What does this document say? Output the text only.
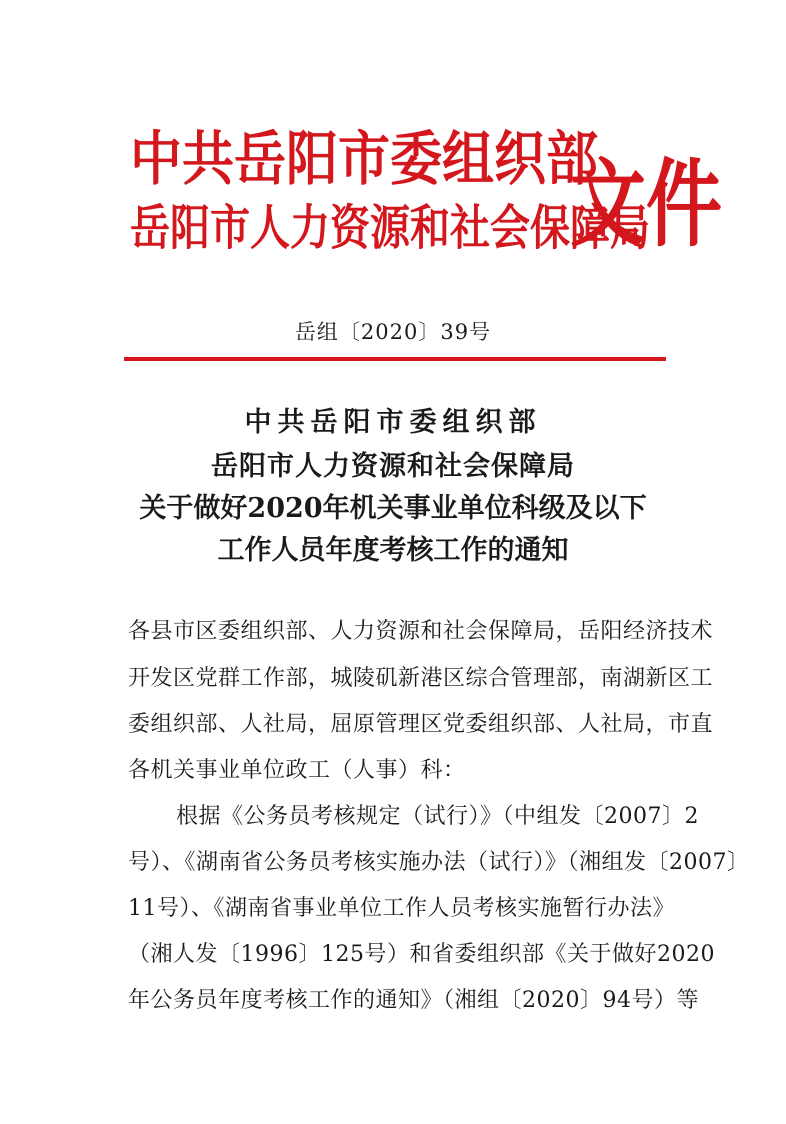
中共岳阳市委组织部
岳阳市人力资源和社会保障局
文件
岳组〔2020〕39号
中共岳阳市委组织部
岳阳市人力资源和社会保障局
关于做好2020年机关事业单位科级及以下
工作人员年度考核工作的通知
各县市区委组织部、人力资源和社会保障局，岳阳经济技术
开发区党群工作部，城陵矶新港区综合管理部，南湖新区工
委组织部、人社局，屈原管理区党委组织部、人社局，市直
各机关事业单位政工（人事）科：
根据《公务员考核规定（试行）》（中组发〔2007〕2
号）、《湖南省公务员考核实施办法（试行）》（湘组发〔2007〕
11号）、《湖南省事业单位工作人员考核实施暂行办法》
（湘人发〔1996〕125号）和省委组织部《关于做好2020
年公务员年度考核工作的通知》（湘组〔2020〕94号）等
